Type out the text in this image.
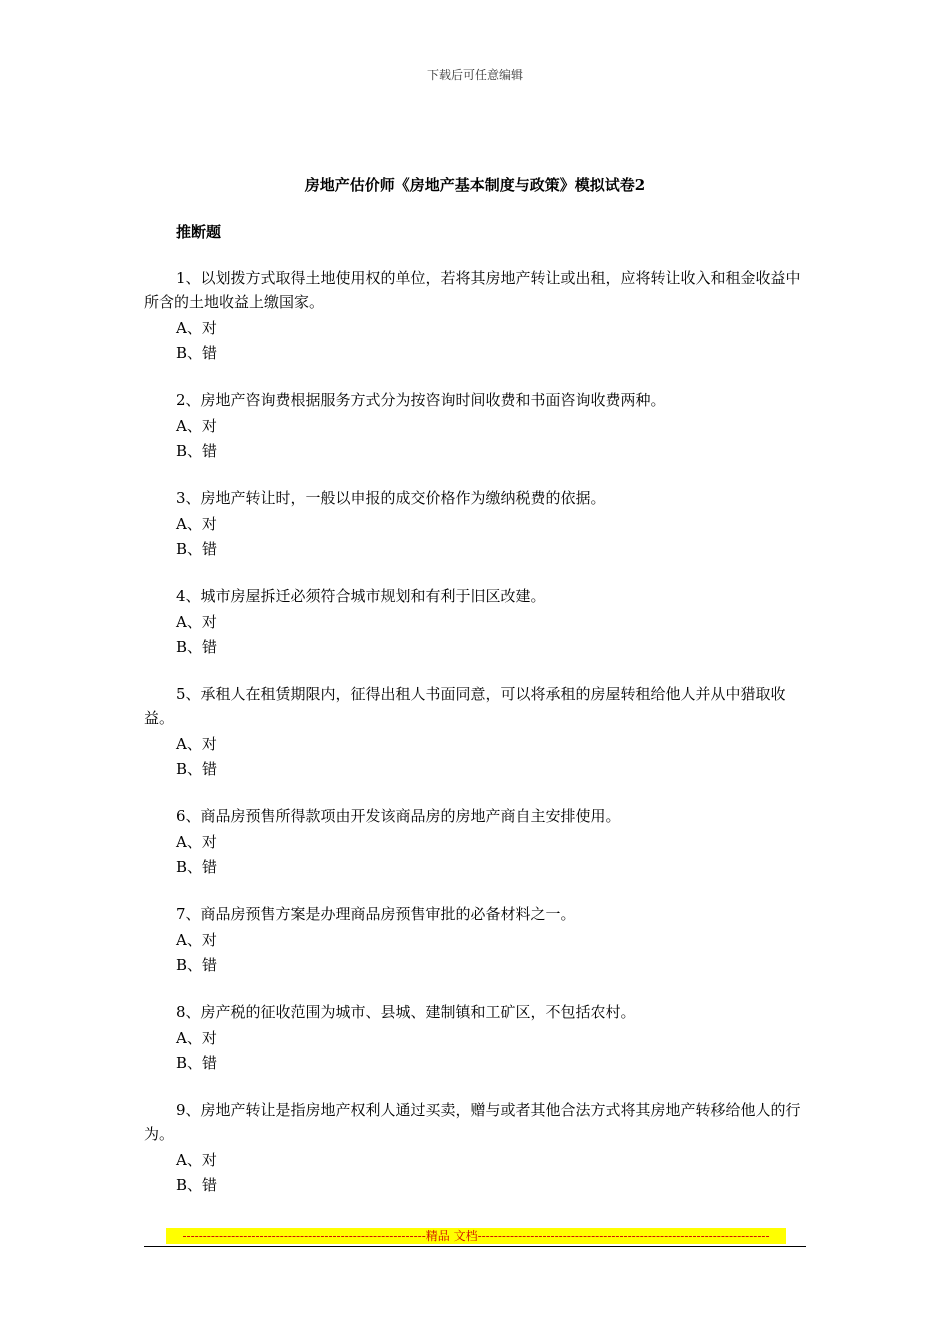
下载后可任意编辑
房地产估价师《房地产基本制度与政策》模拟试卷2
推断题

1、以划拨方式取得土地使用权的单位，若将其房地产转让或出租，应将转让收入和租金收益中所含的土地收益上缴国家。

A、对
B、错

2、房地产咨询费根据服务方式分为按咨询时间收费和书面咨询收费两种。

A、对
B、错

3、房地产转让时，一般以申报的成交价格作为缴纳税费的依据。

A、对
B、错

4、城市房屋拆迁必须符合城市规划和有利于旧区改建。

A、对
B、错

5、承租人在租赁期限内，征得出租人书面同意，可以将承租的房屋转租给他人并从中猎取收益。

A、对
B、错

6、商品房预售所得款项由开发该商品房的房地产商自主安排使用。

A、对
B、错

7、商品房预售方案是办理商品房预售审批的必备材料之一。

A、对
B、错

8、房产税的征收范围为城市、县城、建制镇和工矿区，不包括农村。

A、对
B、错

9、房地产转让是指房地产权利人通过买卖，赠与或者其他合法方式将其房地产转移给他人的行为。

A、对
B、错
------------------------------------------------------------精品 文档------------------------------------------------------------------------
